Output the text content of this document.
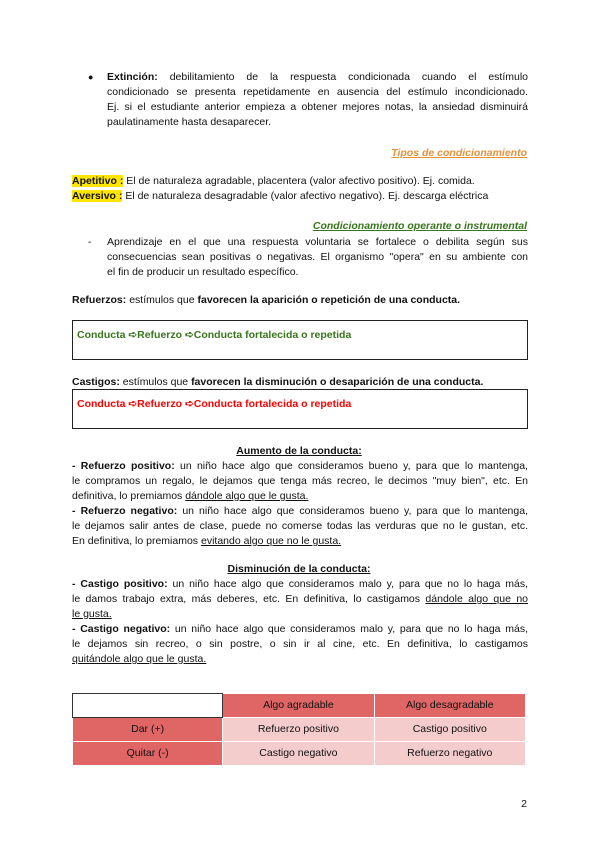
● Extinción: debilitamiento de la respuesta condicionada cuando el estímulo
condicionado se presenta repetidamente en ausencia del estímulo incondicionado.
Ej. si el estudiante anterior empieza a obtener mejores notas, la ansiedad disminuirá
paulatinamente hasta desaparecer.
Tipos de condicionamiento
Apetitivo : El de naturaleza agradable, placentera (valor afectivo positivo). Ej. comida.
Aversivo : El de naturaleza desagradable (valor afectivo negativo). Ej. descarga eléctrica
Condicionamiento operante o instrumental
- Aprendizaje en el que una respuesta voluntaria se fortalece o debilita según sus
consecuencias sean positivas o negativas. El organismo "opera" en su ambiente con
el fin de producir un resultado específico.
Refuerzos: estímulos que favorecen la aparición o repetición de una conducta.
Conducta ➪Refuerzo ➪Conducta fortalecida o repetida
Castigos: estímulos que favorecen la disminución o desaparición de una conducta.
Conducta ➪Refuerzo ➪Conducta fortalecida o repetida
Aumento de la conducta:
- Refuerzo positivo: un niño hace algo que consideramos bueno y, para que lo mantenga,
le compramos un regalo, le dejamos que tenga más recreo, le decimos "muy bien", etc. En
definitiva, lo premiamos dándole algo que le gusta.
- Refuerzo negativo: un niño hace algo que consideramos bueno y, para que lo mantenga,
le dejamos salir antes de clase, puede no comerse todas las verduras que no le gustan, etc.
En definitiva, lo premiamos evitando algo que no le gusta.
Disminución de la conducta:
- Castigo positivo: un niño hace algo que consideramos malo y, para que no lo haga más,
le damos trabajo extra, más deberes, etc. En definitiva, lo castigamos dándole algo que no
le gusta.
- Castigo negativo: un niño hace algo que consideramos malo y, para que no lo haga más,
le dejamos sin recreo, o sin postre, o sin ir al cine, etc. En definitiva, lo castigamos
quitándole algo que le gusta.
	Algo agradable	Algo desagradable
Dar (+)	Refuerzo positivo	Castigo positivo
Quitar (-)	Castigo negativo	Refuerzo negativo
2
